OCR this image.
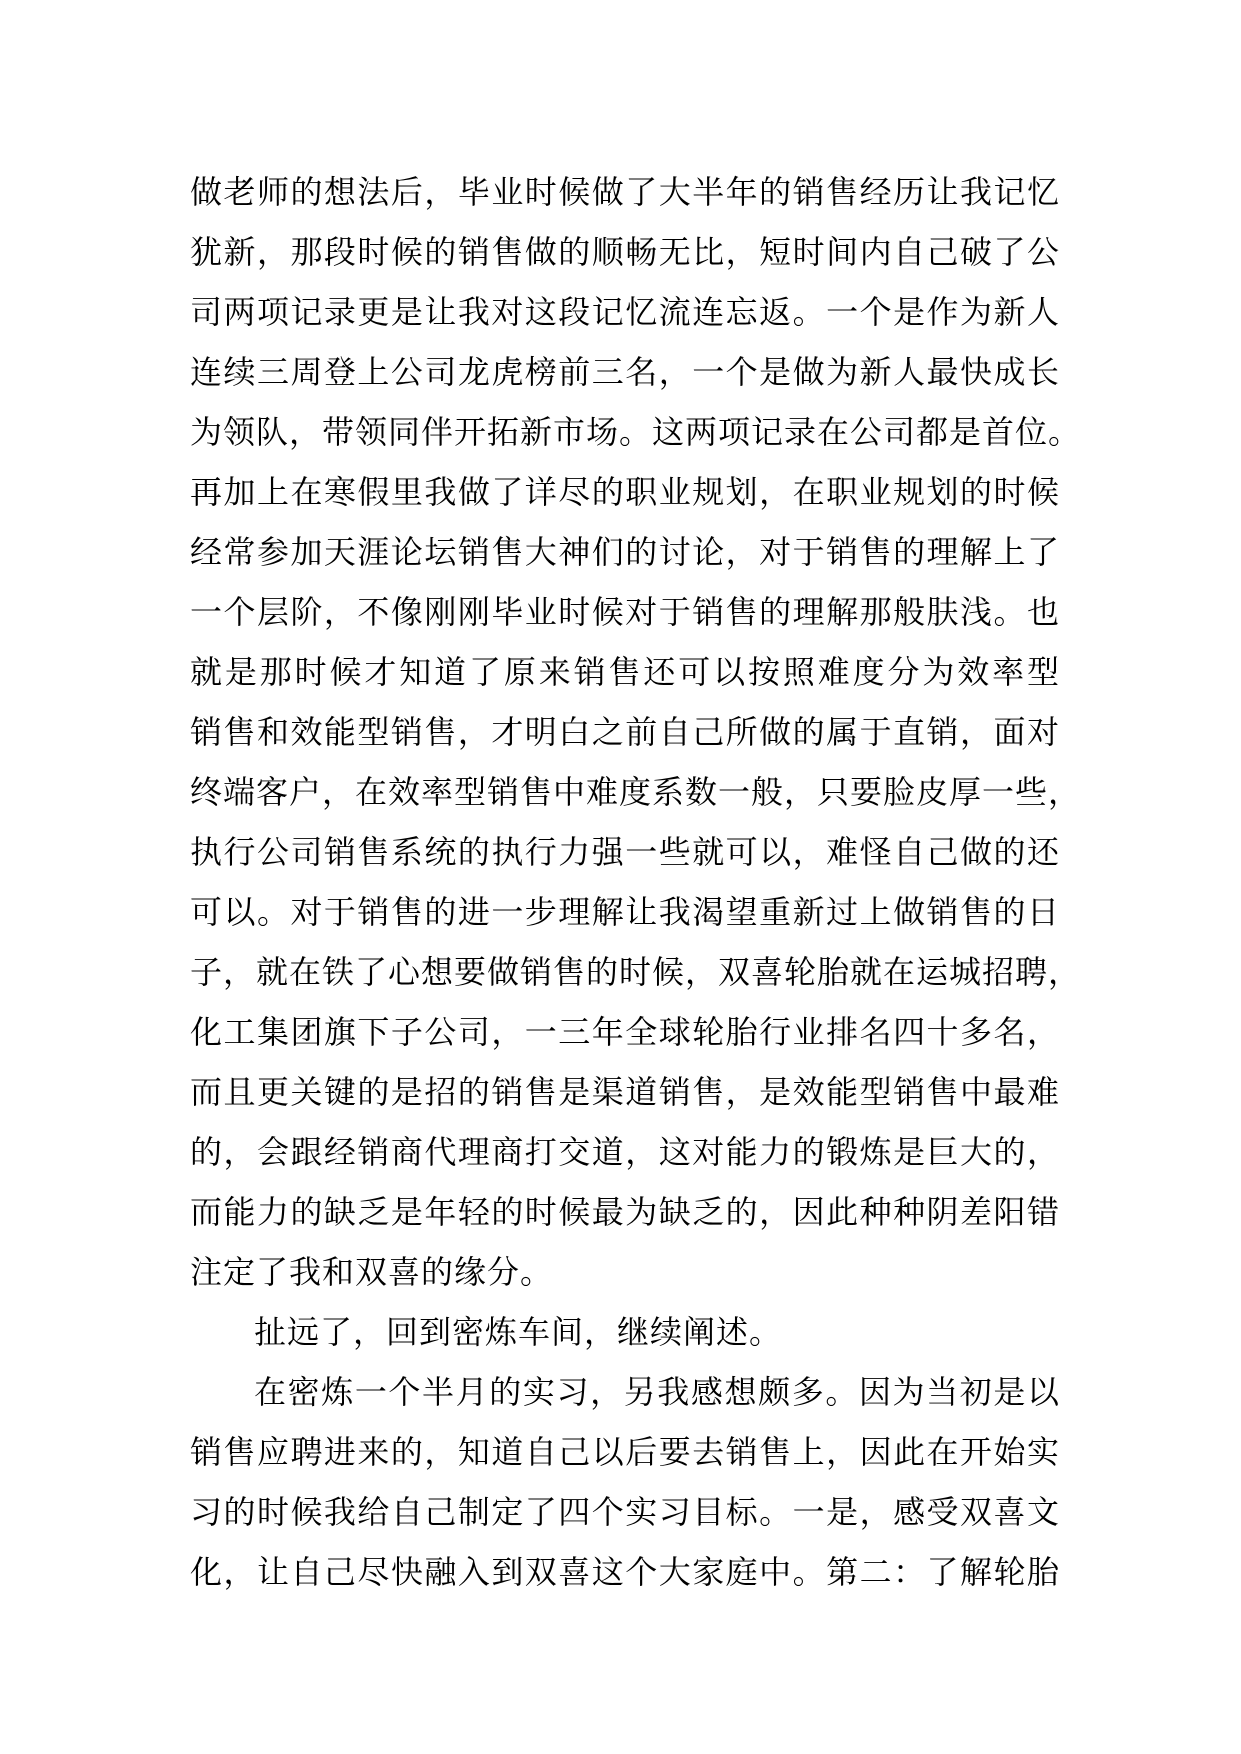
做老师的想法后，毕业时候做了大半年的销售经历让我记忆
犹新，那段时候的销售做的顺畅无比，短时间内自己破了公
司两项记录更是让我对这段记忆流连忘返。一个是作为新人
连续三周登上公司龙虎榜前三名，一个是做为新人最快成长
为领队，带领同伴开拓新市场。这两项记录在公司都是首位。
再加上在寒假里我做了详尽的职业规划，在职业规划的时候
经常参加天涯论坛销售大神们的讨论，对于销售的理解上了
一个层阶，不像刚刚毕业时候对于销售的理解那般肤浅。也
就是那时候才知道了原来销售还可以按照难度分为效率型
销售和效能型销售，才明白之前自己所做的属于直销，面对
终端客户，在效率型销售中难度系数一般，只要脸皮厚一些，
执行公司销售系统的执行力强一些就可以，难怪自己做的还
可以。对于销售的进一步理解让我渴望重新过上做销售的日
子，就在铁了心想要做销售的时候，双喜轮胎就在运城招聘，
化工集团旗下子公司，一三年全球轮胎行业排名四十多名，
而且更关键的是招的销售是渠道销售，是效能型销售中最难
的，会跟经销商代理商打交道，这对能力的锻炼是巨大的，
而能力的缺乏是年轻的时候最为缺乏的，因此种种阴差阳错
注定了我和双喜的缘分。
扯远了，回到密炼车间，继续阐述。
在密炼一个半月的实习，另我感想颇多。因为当初是以
销售应聘进来的，知道自己以后要去销售上，因此在开始实
习的时候我给自己制定了四个实习目标。一是，感受双喜文
化，让自己尽快融入到双喜这个大家庭中。第二：了解轮胎
